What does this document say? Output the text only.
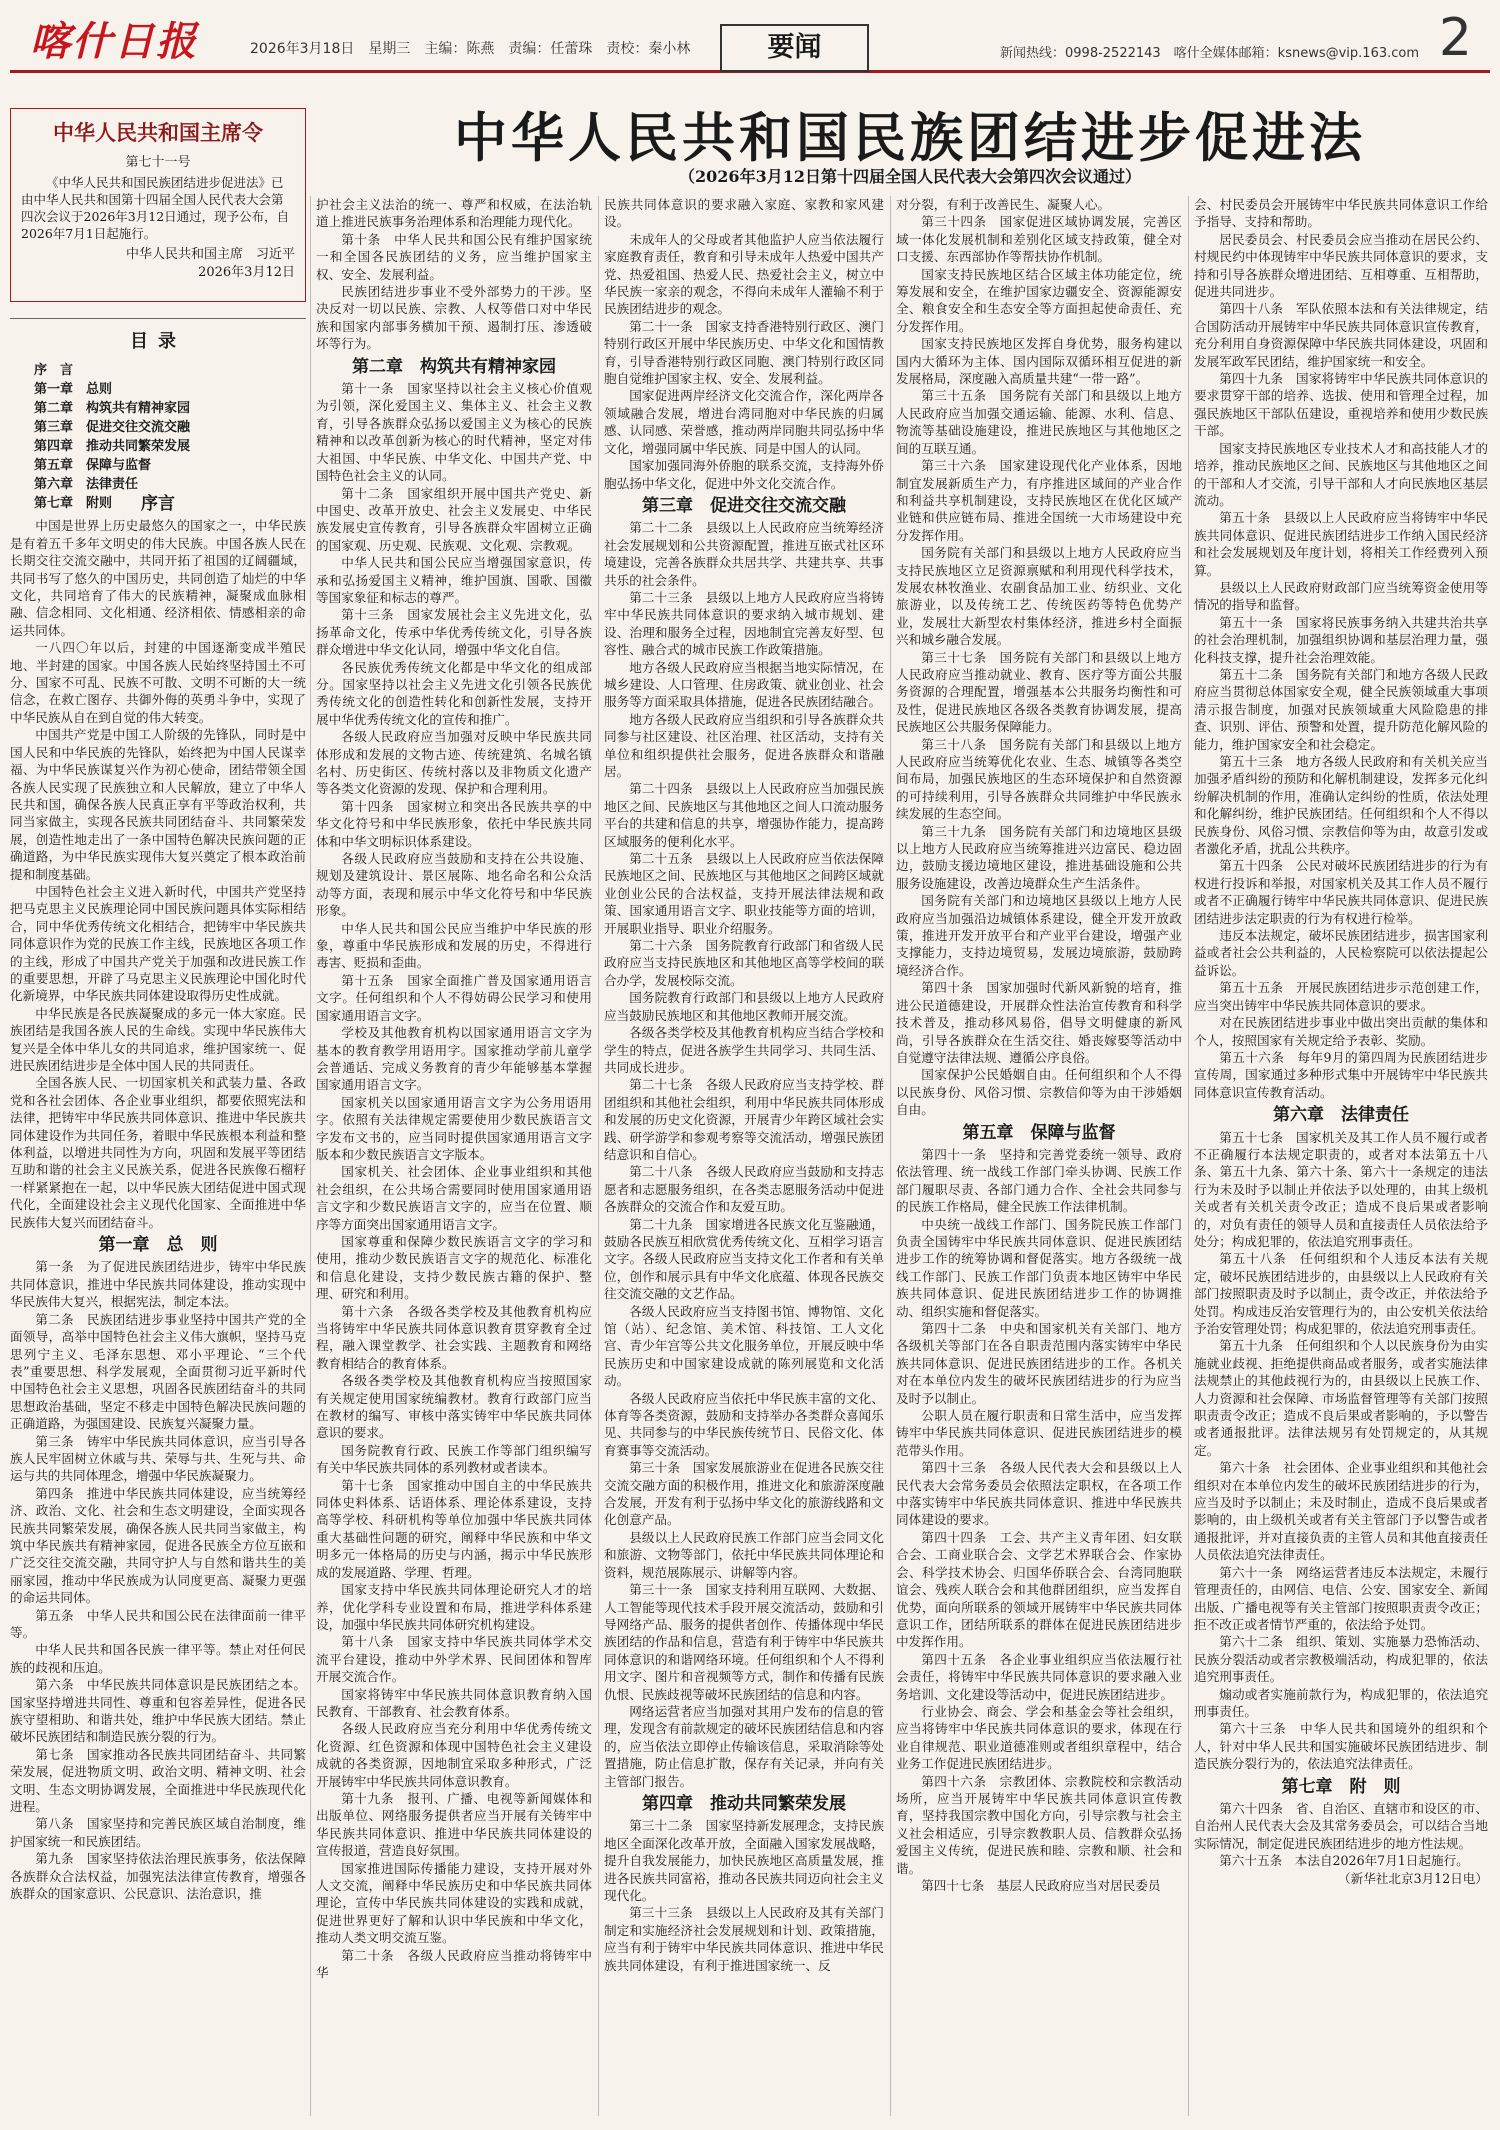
喀什日报	2026年3月18日　星期三　主编：陈燕　责编：任蕾珠　责校：秦小林	要闻	新闻热线：0998-2522143　喀什全媒体邮箱：ksnews@vip.163.com 2
中华人民共和国主席令
第七十一号
《中华人民共和国民族团结进步促进法》已由中华人民共和国第十四届全国人民代表大会第四次会议于2026年3月12日通过，现予公布，自2026年7月1日起施行。
中华人民共和国主席　习近平
2026年3月12日
目录
序　言
第一章　总则
第二章　构筑共有精神家园
第三章　促进交往交流交融
第四章　推动共同繁荣发展
第五章　保障与监督
第六章　法律责任
第七章　附则
中华人民共和国民族团结进步促进法
（2026年3月12日第十四届全国人民代表大会第四次会议通过）
序言

中国是世界上历史最悠久的国家之一，中华民族是有着五千多年文明史的伟大民族。中国各族人民在长期交往交流交融中，共同开拓了祖国的辽阔疆域，共同书写了悠久的中国历史，共同创造了灿烂的中华文化，共同培育了伟大的民族精神，凝聚成血脉相融、信念相同、文化相通、经济相依、情感相亲的命运共同体。

一八四〇年以后，封建的中国逐渐变成半殖民地、半封建的国家。中国各族人民始终坚持国土不可分、国家不可乱、民族不可散、文明不可断的大一统信念，在救亡图存、共御外侮的英勇斗争中，实现了中华民族从自在到自觉的伟大转变。

中国共产党是中国工人阶级的先锋队，同时是中国人民和中华民族的先锋队，始终把为中国人民谋幸福、为中华民族谋复兴作为初心使命，团结带领全国各族人民实现了民族独立和人民解放，建立了中华人民共和国，确保各族人民真正享有平等政治权利，共同当家做主，实现各民族共同团结奋斗、共同繁荣发展，创造性地走出了一条中国特色解决民族问题的正确道路，为中华民族实现伟大复兴奠定了根本政治前提和制度基础。

中国特色社会主义进入新时代，中国共产党坚持把马克思主义民族理论同中国民族问题具体实际相结合，同中华优秀传统文化相结合，把铸牢中华民族共同体意识作为党的民族工作主线，民族地区各项工作的主线，形成了中国共产党关于加强和改进民族工作的重要思想，开辟了马克思主义民族理论中国化时代化新境界，中华民族共同体建设取得历史性成就。

中华民族是各民族凝聚成的多元一体大家庭。民族团结是我国各族人民的生命线。实现中华民族伟大复兴是全体中华儿女的共同追求，维护国家统一、促进民族团结进步是全体中国人民的共同责任。

全国各族人民、一切国家机关和武装力量、各政党和各社会团体、各企业事业组织，都要依照宪法和法律，把铸牢中华民族共同体意识、推进中华民族共同体建设作为共同任务，着眼中华民族根本利益和整体利益，以增进共同性为方向，巩固和发展平等团结互助和谐的社会主义民族关系，促进各民族像石榴籽一样紧紧抱在一起，以中华民族大团结促进中国式现代化，全面建设社会主义现代化国家、全面推进中华民族伟大复兴而团结奋斗。

第一章　总　则

第一条　为了促进民族团结进步，铸牢中华民族共同体意识，推进中华民族共同体建设，推动实现中华民族伟大复兴，根据宪法，制定本法。

第二条　民族团结进步事业坚持中国共产党的全面领导，高举中国特色社会主义伟大旗帜，坚持马克思列宁主义、毛泽东思想、邓小平理论、“三个代表”重要思想、科学发展观，全面贯彻习近平新时代中国特色社会主义思想，巩固各民族团结奋斗的共同思想政治基础，坚定不移走中国特色解决民族问题的正确道路，为强国建设、民族复兴凝聚力量。

第三条　铸牢中华民族共同体意识，应当引导各族人民牢固树立休戚与共、荣辱与共、生死与共、命运与共的共同体理念，增强中华民族凝聚力。

第四条　推进中华民族共同体建设，应当统筹经济、政治、文化、社会和生态文明建设，全面实现各民族共同繁荣发展，确保各族人民共同当家做主，构筑中华民族共有精神家园，促进各民族全方位互嵌和广泛交往交流交融，共同守护人与自然和谐共生的美丽家园，推动中华民族成为认同度更高、凝聚力更强的命运共同体。

第五条　中华人民共和国公民在法律面前一律平等。

中华人民共和国各民族一律平等。禁止对任何民族的歧视和压迫。

第六条　中华民族共同体意识是民族团结之本。国家坚持增进共同性、尊重和包容差异性，促进各民族守望相助、和谐共处，维护中华民族大团结。禁止破坏民族团结和制造民族分裂的行为。

第七条　国家推动各民族共同团结奋斗、共同繁荣发展，促进物质文明、政治文明、精神文明、社会文明、生态文明协调发展，全面推进中华民族现代化进程。

第八条　国家坚持和完善民族区域自治制度，维护国家统一和民族团结。

第九条　国家坚持依法治理民族事务，依法保障各族群众合法权益，加强宪法法律宣传教育，增强各族群众的国家意识、公民意识、法治意识，推

护社会主义法治的统一、尊严和权威，在法治轨道上推进民族事务治理体系和治理能力现代化。

第十条　中华人民共和国公民有维护国家统一和全国各民族团结的义务，应当维护国家主权、安全、发展利益。

民族团结进步事业不受外部势力的干涉。坚决反对一切以民族、宗教、人权等借口对中华民族和国家内部事务横加干预、遏制打压、渗透破坏等行为。

第二章　构筑共有精神家园

第十一条　国家坚持以社会主义核心价值观为引领，深化爱国主义、集体主义、社会主义教育，引导各族群众弘扬以爱国主义为核心的民族精神和以改革创新为核心的时代精神，坚定对伟大祖国、中华民族、中华文化、中国共产党、中国特色社会主义的认同。

第十二条　国家组织开展中国共产党史、新中国史、改革开放史、社会主义发展史、中华民族发展史宣传教育，引导各族群众牢固树立正确的国家观、历史观、民族观、文化观、宗教观。

中华人民共和国公民应当增强国家意识，传承和弘扬爱国主义精神，维护国旗、国歌、国徽等国家象征和标志的尊严。

第十三条　国家发展社会主义先进文化，弘扬革命文化，传承中华优秀传统文化，引导各族群众增进中华文化认同，增强中华文化自信。

各民族优秀传统文化都是中华文化的组成部分。国家坚持以社会主义先进文化引领各民族优秀传统文化的创造性转化和创新性发展，支持开展中华优秀传统文化的宣传和推广。

各级人民政府应当加强对反映中华民族共同体形成和发展的文物古迹、传统建筑、名城名镇名村、历史街区、传统村落以及非物质文化遗产等各类文化资源的发现、保护和合理利用。

第十四条　国家树立和突出各民族共享的中华文化符号和中华民族形象，依托中华民族共同体和中华文明标识体系建设。

各级人民政府应当鼓励和支持在公共设施、规划及建筑设计、景区展陈、地名命名和公众活动等方面，表现和展示中华文化符号和中华民族形象。

中华人民共和国公民应当维护中华民族的形象，尊重中华民族形成和发展的历史，不得进行毒害、贬损和歪曲。

第十五条　国家全面推广普及国家通用语言文字。任何组织和个人不得妨碍公民学习和使用国家通用语言文字。

学校及其他教育机构以国家通用语言文字为基本的教育教学用语用字。国家推动学前儿童学会普通话、完成义务教育的青少年能够基本掌握国家通用语言文字。

国家机关以国家通用语言文字为公务用语用字。依照有关法律规定需要使用少数民族语言文字发布文书的，应当同时提供国家通用语言文字版本和少数民族语言文字版本。

国家机关、社会团体、企业事业组织和其他社会组织，在公共场合需要同时使用国家通用语言文字和少数民族语言文字的，应当在位置、顺序等方面突出国家通用语言文字。

国家尊重和保障少数民族语言文字的学习和使用，推动少数民族语言文字的规范化、标准化和信息化建设，支持少数民族古籍的保护、整理、研究和利用。

第十六条　各级各类学校及其他教育机构应当将铸牢中华民族共同体意识教育贯穿教育全过程，融入课堂教学、社会实践、主题教育和网络教育相结合的教育体系。

各级各类学校及其他教育机构应当按照国家有关规定使用国家统编教材。教育行政部门应当在教材的编写、审核中落实铸牢中华民族共同体意识的要求。

国务院教育行政、民族工作等部门组织编写有关中华民族共同体的系列教材或者读本。

第十七条　国家推动中国自主的中华民族共同体史料体系、话语体系、理论体系建设，支持高等学校、科研机构等单位加强中华民族共同体重大基础性问题的研究，阐释中华民族和中华文明多元一体格局的历史与内涵，揭示中华民族形成的发展道路、学理、哲理。

国家支持中华民族共同体理论研究人才的培养，优化学科专业设置和布局，推进学科体系建设，加强中华民族共同体研究机构建设。

第十八条　国家支持中华民族共同体学术交流平台建设，推动中外学术界、民间团体和智库开展交流合作。

国家将铸牢中华民族共同体意识教育纳入国民教育、干部教育、社会教育体系。

各级人民政府应当充分利用中华优秀传统文化资源、红色资源和体现中国特色社会主义建设成就的各类资源，因地制宜采取多种形式，广泛开展铸牢中华民族共同体意识教育。

第十九条　报刊、广播、电视等新闻媒体和出版单位、网络服务提供者应当开展有关铸牢中华民族共同体意识、推进中华民族共同体建设的宣传报道，营造良好氛围。

国家推进国际传播能力建设，支持开展对外人文交流，阐释中华民族历史和中华民族共同体理论，宣传中华民族共同体建设的实践和成就，促进世界更好了解和认识中华民族和中华文化，推动人类文明交流互鉴。

第二十条　各级人民政府应当推动将铸牢中华

民族共同体意识的要求融入家庭、家教和家风建设。

未成年人的父母或者其他监护人应当依法履行家庭教育责任，教育和引导未成年人热爱中国共产党、热爱祖国、热爱人民、热爱社会主义，树立中华民族一家亲的观念，不得向未成年人灌输不利于民族团结进步的观念。

第二十一条　国家支持香港特别行政区、澳门特别行政区开展中华民族历史、中华文化和国情教育，引导香港特别行政区同胞、澳门特别行政区同胞自觉维护国家主权、安全、发展利益。

国家促进两岸经济文化交流合作，深化两岸各领域融合发展，增进台湾同胞对中华民族的归属感、认同感、荣誉感，推动两岸同胞共同弘扬中华文化，增强同属中华民族、同是中国人的认同。

国家加强同海外侨胞的联系交流，支持海外侨胞弘扬中华文化，促进中外文化交流合作。

第三章　促进交往交流交融

第二十二条　县级以上人民政府应当统筹经济社会发展规划和公共资源配置，推进互嵌式社区环境建设，完善各族群众共居共学、共建共享、共事共乐的社会条件。

第二十三条　县级以上地方人民政府应当将铸牢中华民族共同体意识的要求纳入城市规划、建设、治理和服务全过程，因地制宜完善友好型、包容性、融合式的城市民族工作政策措施。

地方各级人民政府应当根据当地实际情况，在城乡建设、人口管理、住房政策、就业创业、社会服务等方面采取具体措施，促进各民族团结融合。

地方各级人民政府应当组织和引导各族群众共同参与社区建设、社区治理、社区活动，支持有关单位和组织提供社会服务，促进各族群众和谐融居。

第二十四条　县级以上人民政府应当加强民族地区之间、民族地区与其他地区之间人口流动服务平台的共建和信息的共享，增强协作能力，提高跨区域服务的便利化水平。

第二十五条　县级以上人民政府应当依法保障民族地区之间、民族地区与其他地区之间跨区域就业创业公民的合法权益，支持开展法律法规和政策、国家通用语言文字、职业技能等方面的培训，开展职业指导、职业介绍服务。

第二十六条　国务院教育行政部门和省级人民政府应当支持民族地区和其他地区高等学校间的联合办学，发展校际交流。

国务院教育行政部门和县级以上地方人民政府应当鼓励民族地区和其他地区教师开展交流。

各级各类学校及其他教育机构应当结合学校和学生的特点，促进各族学生共同学习、共同生活、共同成长进步。

第二十七条　各级人民政府应当支持学校、群团组织和其他社会组织，利用中华民族共同体形成和发展的历史文化资源，开展青少年跨区域社会实践、研学游学和参观考察等交流活动，增强民族团结意识和自信心。

第二十八条　各级人民政府应当鼓励和支持志愿者和志愿服务组织，在各类志愿服务活动中促进各族群众的交流合作和友爱互助。

第二十九条　国家增进各民族文化互鉴融通，鼓励各民族互相欣赏优秀传统文化、互相学习语言文字。各级人民政府应当支持文化工作者和有关单位，创作和展示具有中华文化底蕴、体现各民族交往交流交融的文艺作品。

各级人民政府应当支持图书馆、博物馆、文化馆（站）、纪念馆、美术馆、科技馆、工人文化宫、青少年宫等公共文化服务单位，开展反映中华民族历史和中国家建设成就的陈列展览和文化活动。

各级人民政府应当依托中华民族丰富的文化、体育等各类资源，鼓励和支持举办各类群众喜闻乐见、共同参与的中华民族传统节日、民俗文化、体育赛事等交流活动。

第三十条　国家发展旅游业在促进各民族交往交流交融方面的积极作用，推进文化和旅游深度融合发展，开发有利于弘扬中华文化的旅游线路和文化创意产品。

县级以上人民政府民族工作部门应当会同文化和旅游、文物等部门，依托中华民族共同体理论和资料，规范展陈展示、讲解等内容。

第三十一条　国家支持利用互联网、大数据、人工智能等现代技术手段开展交流活动，鼓励和引导网络产品、服务的提供者创作、传播体现中华民族团结的作品和信息，营造有利于铸牢中华民族共同体意识的和谐网络环境。任何组织和个人不得利用文字、图片和音视频等方式，制作和传播有民族仇恨、民族歧视等破坏民族团结的信息和内容。

网络运营者应当加强对其用户发布的信息的管理，发现含有前款规定的破坏民族团结信息和内容的，应当依法立即停止传输该信息，采取消除等处置措施，防止信息扩散，保存有关记录，并向有关主管部门报告。

第四章　推动共同繁荣发展

第三十二条　国家坚持新发展理念，支持民族地区全面深化改革开放，全面融入国家发展战略，提升自我发展能力，加快民族地区高质量发展，推进各民族共同富裕，推动各民族共同迈向社会主义现代化。

第三十三条　县级以上人民政府及其有关部门制定和实施经济社会发展规划和计划、政策措施，应当有利于铸牢中华民族共同体意识、推进中华民族共同体建设，有利于推进国家统一、反

对分裂，有利于改善民生、凝聚人心。

第三十四条　国家促进区域协调发展，完善区域一体化发展机制和差别化区域支持政策，健全对口支援、东西部协作等帮扶协作机制。

国家支持民族地区结合区域主体功能定位，统筹发展和安全，在维护国家边疆安全、资源能源安全、粮食安全和生态安全等方面担起使命责任、充分发挥作用。

国家支持民族地区发挥自身优势，服务构建以国内大循环为主体、国内国际双循环相互促进的新发展格局，深度融入高质量共建“一带一路”。

第三十五条　国务院有关部门和县级以上地方人民政府应当加强交通运输、能源、水利、信息、物流等基础设施建设，推进民族地区与其他地区之间的互联互通。

第三十六条　国家建设现代化产业体系，因地制宜发展新质生产力，有序推进区域间的产业合作和利益共享机制建设，支持民族地区在优化区域产业链和供应链布局、推进全国统一大市场建设中充分发挥作用。

国务院有关部门和县级以上地方人民政府应当支持民族地区立足资源禀赋和利用现代科学技术，发展农林牧渔业、农副食品加工业、纺织业、文化旅游业，以及传统工艺、传统医药等特色优势产业，发展壮大新型农村集体经济，推进乡村全面振兴和城乡融合发展。

第三十七条　国务院有关部门和县级以上地方人民政府应当推动就业、教育、医疗等方面公共服务资源的合理配置，增强基本公共服务均衡性和可及性，促进民族地区各级各类教育协调发展，提高民族地区公共服务保障能力。

第三十八条　国务院有关部门和县级以上地方人民政府应当统筹优化农业、生态、城镇等各类空间布局，加强民族地区的生态环境保护和自然资源的可持续利用，引导各族群众共同维护中华民族永续发展的生态空间。

第三十九条　国务院有关部门和边境地区县级以上地方人民政府应当统筹推进兴边富民、稳边固边，鼓励支援边境地区建设，推进基础设施和公共服务设施建设，改善边境群众生产生活条件。

国务院有关部门和边境地区县级以上地方人民政府应当加强沿边城镇体系建设，健全开发开放政策，推进开发开放平台和产业平台建设，增强产业支撑能力，支持边境贸易，发展边境旅游，鼓励跨境经济合作。

第四十条　国家加强时代新风新貌的培育，推进公民道德建设，开展群众性法治宣传教育和科学技术普及，推动移风易俗，倡导文明健康的新风尚，引导各族群众在生活交往、婚丧嫁娶等活动中自觉遵守法律法规、遵循公序良俗。

国家保护公民婚姻自由。任何组织和个人不得以民族身份、风俗习惯、宗教信仰等为由干涉婚姻自由。

第五章　保障与监督

第四十一条　坚持和完善党委统一领导、政府依法管理、统一战线工作部门牵头协调、民族工作部门履职尽责、各部门通力合作、全社会共同参与的民族工作格局，健全民族工作法律机制。

中央统一战线工作部门、国务院民族工作部门负责全国铸牢中华民族共同体意识、促进民族团结进步工作的统筹协调和督促落实。地方各级统一战线工作部门、民族工作部门负责本地区铸牢中华民族共同体意识、促进民族团结进步工作的协调推动、组织实施和督促落实。

第四十二条　中央和国家机关有关部门、地方各级机关等部门在各自职责范围内落实铸牢中华民族共同体意识、促进民族团结进步的工作。各机关对在本单位内发生的破坏民族团结进步的行为应当及时予以制止。

公职人员在履行职责和日常生活中，应当发挥铸牢中华民族共同体意识、促进民族团结进步的模范带头作用。

第四十三条　各级人民代表大会和县级以上人民代表大会常务委员会依照法定职权，在各项工作中落实铸牢中华民族共同体意识、推进中华民族共同体建设的要求。

第四十四条　工会、共产主义青年团、妇女联合会、工商业联合会、文学艺术界联合会、作家协会、科学技术协会、归国华侨联合会、台湾同胞联谊会、残疾人联合会和其他群团组织，应当发挥自优势，面向所联系的领域开展铸牢中华民族共同体意识工作，团结所联系的群体在促进民族团结进步中发挥作用。

第四十五条　各企业事业组织应当依法履行社会责任，将铸牢中华民族共同体意识的要求融入业务培训、文化建设等活动中，促进民族团结进步。

行业协会、商会、学会和基金会等社会组织，应当将铸牢中华民族共同体意识的要求，体现在行业自律规范、职业道德准则或者组织章程中，结合业务工作促进民族团结进步。

第四十六条　宗教团体、宗教院校和宗教活动场所，应当开展铸牢中华民族共同体意识宣传教育，坚持我国宗教中国化方向，引导宗教与社会主义社会相适应，引导宗教教职人员、信教群众弘扬爱国主义传统，促进民族和睦、宗教和顺、社会和谐。

第四十七条　基层人民政府应当对居民委员

会、村民委员会开展铸牢中华民族共同体意识工作给予指导、支持和帮助。

居民委员会、村民委员会应当推动在居民公约、村规民约中体现铸牢中华民族共同体意识的要求，支持和引导各族群众增进团结、互相尊重、互相帮助，促进共同进步。

第四十八条　军队依照本法和有关法律规定，结合国防活动开展铸牢中华民族共同体意识宣传教育，充分利用自身资源保障中华民族共同体建设，巩固和发展军政军民团结，维护国家统一和安全。

第四十九条　国家将铸牢中华民族共同体意识的要求贯穿干部的培养、选拔、使用和管理全过程，加强民族地区干部队伍建设，重视培养和使用少数民族干部。

国家支持民族地区专业技术人才和高技能人才的培养，推动民族地区之间、民族地区与其他地区之间的干部和人才交流，引导干部和人才向民族地区基层流动。

第五十条　县级以上人民政府应当将铸牢中华民族共同体意识、促进民族团结进步工作纳入国民经济和社会发展规划及年度计划，将相关工作经费列入预算。

县级以上人民政府财政部门应当统筹资金使用等情况的指导和监督。

第五十一条　国家将民族事务纳入共建共治共享的社会治理机制，加强组织协调和基层治理力量，强化科技支撑，提升社会治理效能。

第五十二条　国务院有关部门和地方各级人民政府应当贯彻总体国家安全观，健全民族领域重大事项清示报告制度，加强对民族领域重大风险隐患的排查、识别、评估、预警和处置，提升防范化解风险的能力，维护国家安全和社会稳定。

第五十三条　地方各级人民政府和有关机关应当加强矛盾纠纷的预防和化解机制建设，发挥多元化纠纷解决机制的作用，准确认定纠纷的性质，依法处理和化解纠纷，维护民族团结。任何组织和个人不得以民族身份、风俗习惯、宗教信仰等为由，故意引发或者激化矛盾，扰乱公共秩序。

第五十四条　公民对破坏民族团结进步的行为有权进行投诉和举报，对国家机关及其工作人员不履行或者不正确履行铸牢中华民族共同体意识、促进民族团结进步法定职责的行为有权进行检举。

违反本法规定，破坏民族团结进步，损害国家利益或者社会公共利益的，人民检察院可以依法提起公益诉讼。

第五十五条　开展民族团结进步示范创建工作，应当突出铸牢中华民族共同体意识的要求。

对在民族团结进步事业中做出突出贡献的集体和个人，按照国家有关规定给予表彰、奖励。

第五十六条　每年9月的第四周为民族团结进步宣传周，国家通过多种形式集中开展铸牢中华民族共同体意识宣传教育活动。

第六章　法律责任

第五十七条　国家机关及其工作人员不履行或者不正确履行本法规定职责的，或者对本法第五十八条、第五十九条、第六十条、第六十一条规定的违法行为未及时予以制止并依法予以处理的，由其上级机关或者有关机关责令改正；造成不良后果或者影响的，对负有责任的领导人员和直接责任人员依法给予处分；构成犯罪的，依法追究刑事责任。

第五十八条　任何组织和个人违反本法有关规定，破坏民族团结进步的，由县级以上人民政府有关部门按照职责及时予以制止，责令改正，并依法给予处罚。构成违反治安管理行为的，由公安机关依法给予治安管理处罚；构成犯罪的，依法追究刑事责任。

第五十九条　任何组织和个人以民族身份为由实施就业歧视、拒绝提供商品或者服务，或者实施法律法规禁止的其他歧视行为的，由县级以上民族工作、人力资源和社会保障、市场监督管理等有关部门按照职责责令改正；造成不良后果或者影响的，予以警告或者通报批评。法律法规另有处罚规定的，从其规定。

第六十条　社会团体、企业事业组织和其他社会组织对在本单位内发生的破坏民族团结进步的行为，应当及时予以制止；未及时制止，造成不良后果或者影响的，由上级机关或者有关主管部门予以警告或者通报批评，并对直接负责的主管人员和其他直接责任人员依法追究法律责任。

第六十一条　网络运营者违反本法规定，未履行管理责任的，由网信、电信、公安、国家安全、新闻出版、广播电视等有关主管部门按照职责责令改正；拒不改正或者情节严重的，依法给予处罚。

第六十二条　组织、策划、实施暴力恐怖活动、民族分裂活动或者宗教极端活动，构成犯罪的，依法追究刑事责任。

煽动或者实施前款行为，构成犯罪的，依法追究刑事责任。

第六十三条　中华人民共和国境外的组织和个人，针对中华人民共和国实施破坏民族团结进步、制造民族分裂行为的，依法追究法律责任。

第七章　附　则

第六十四条　省、自治区、直辖市和设区的市、自治州人民代表大会及其常务委员会，可以结合当地实际情况，制定促进民族团结进步的地方性法规。

第六十五条　本法自2026年7月1日起施行。

（新华社北京3月12日电）
